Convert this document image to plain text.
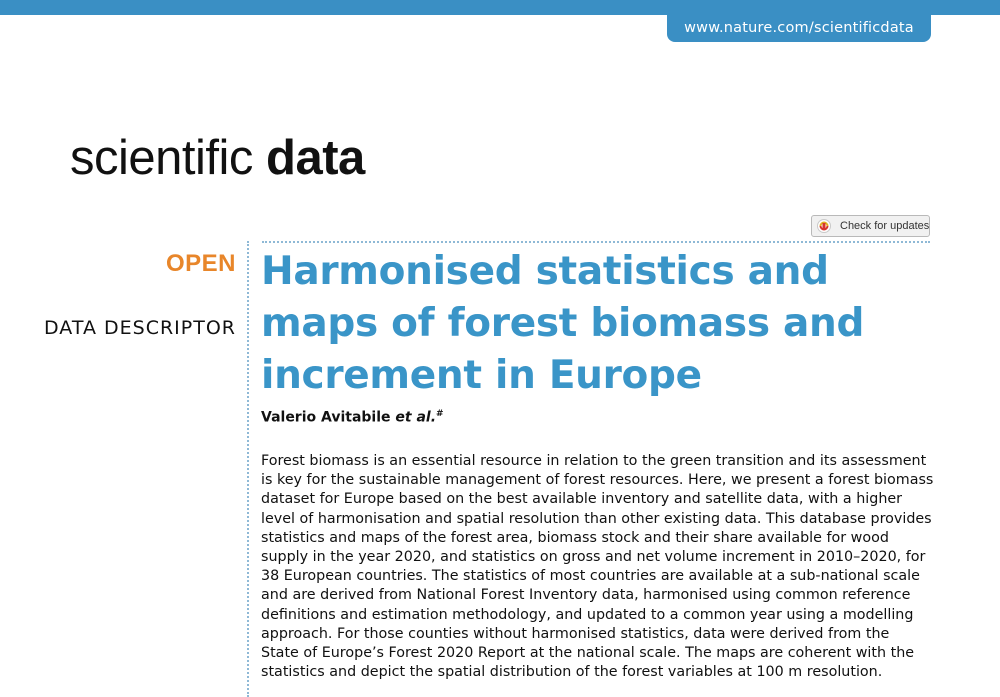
www.nature.com/scientificdata
scientific data
Check for updates
OPEN
DATA DESCRIPTOR
Harmonised statistics and maps of forest biomass and increment in Europe
Valerio Avitabile et al.#

Forest biomass is an essential resource in relation to the green transition and its assessment
is key for the sustainable management of forest resources. Here, we present a forest biomass
dataset for Europe based on the best available inventory and satellite data, with a higher
level of harmonisation and spatial resolution than other existing data. This database provides
statistics and maps of the forest area, biomass stock and their share available for wood
supply in the year 2020, and statistics on gross and net volume increment in 2010–2020, for
38 European countries. The statistics of most countries are available at a sub-national scale
and are derived from National Forest Inventory data, harmonised using common reference
definitions and estimation methodology, and updated to a common year using a modelling
approach. For those counties without harmonised statistics, data were derived from the
State of Europe’s Forest 2020 Report at the national scale. The maps are coherent with the
statistics and depict the spatial distribution of the forest variables at 100 m resolution.
